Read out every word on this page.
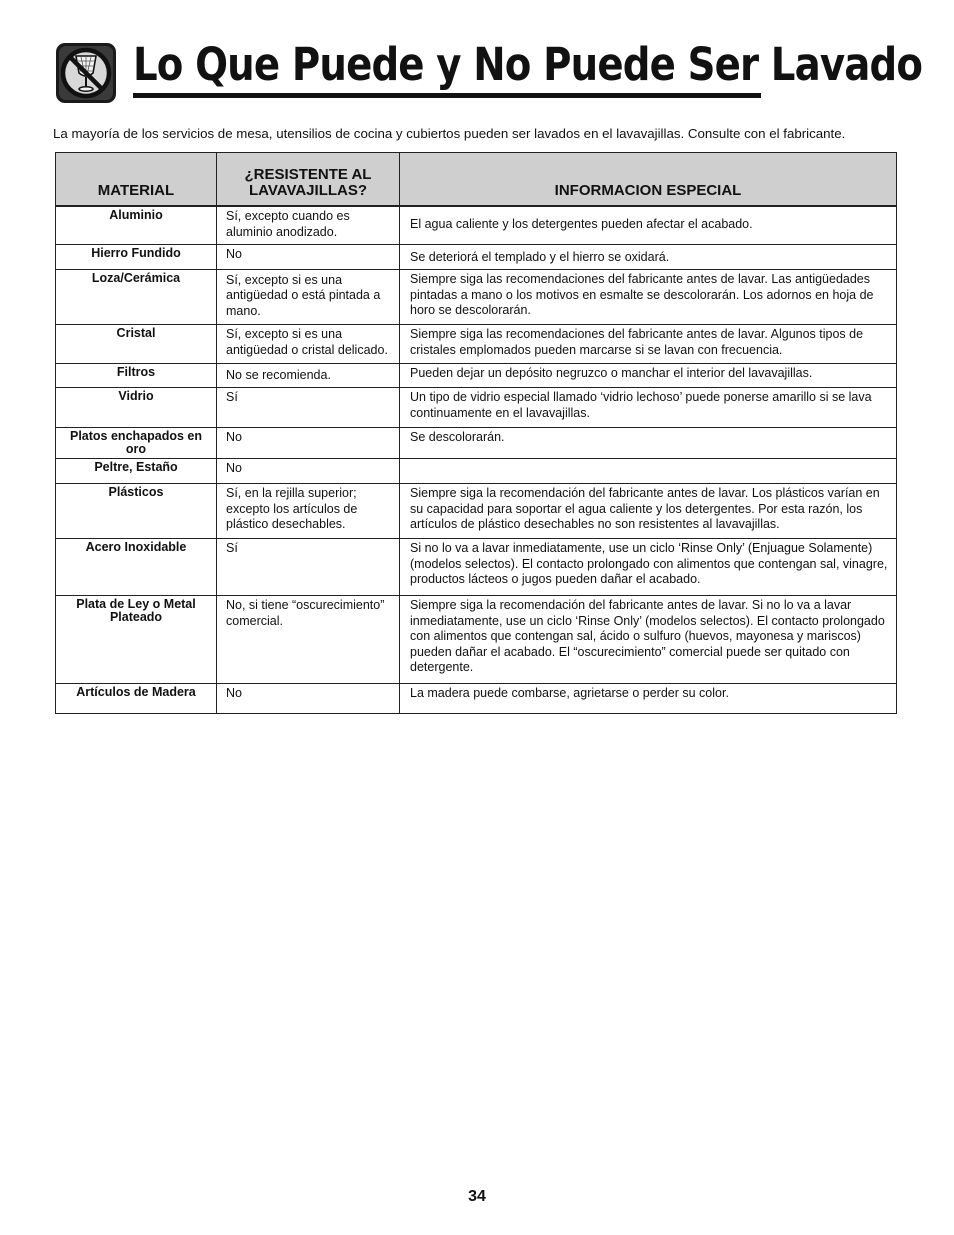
Lo Que Puede y No Puede Ser Lavado

La mayoría de los servicios de mesa, utensilios de cocina y cubiertos pueden ser lavados en el lavavajillas. Consulte con el fabricante.

MATERIAL	¿RESISTENTE AL LAVAVAJILLAS?	INFORMACION ESPECIAL
Aluminio	Sí, excepto cuando es aluminio anodizado.	El agua caliente y los detergentes pueden afectar el acabado.
Hierro Fundido	No	Se deteriorá el templado y el hierro se oxidará.
Loza/Cerámica	Sí, excepto si es una antigüedad o está pintada a mano.	Siempre siga las recomendaciones del fabricante antes de lavar. Las antigüedades pintadas a mano o los motivos en esmalte se descolorarán. Los adornos en hoja de horo se descolorarán.
Cristal	Sí, excepto si es una antigüedad o cristal delicado.	Siempre siga las recomendaciones del fabricante antes de lavar. Algunos tipos de cristales emplomados pueden marcarse si se lavan con frecuencia.
Filtros	No se recomienda.	Pueden dejar un depósito negruzco o manchar el interior del lavavajillas.
Vidrio	Sí	Un tipo de vidrio especial llamado ‘vidrio lechoso’ puede ponerse amarillo si se lava continuamente en el lavavajillas.
Platos enchapados en oro	No	Se descolorarán.
Peltre, Estaño	No	
Plásticos	Sí, en la rejilla superior; excepto los artículos de plástico desechables.	Siempre siga la recomendación del fabricante antes de lavar. Los plásticos varían en su capacidad para soportar el agua caliente y los detergentes. Por esta razón, los artículos de plástico desechables no son resistentes al lavavajillas.
Acero Inoxidable	Sí	Si no lo va a lavar inmediatamente, use un ciclo ‘Rinse Only’ (Enjuague Solamente) (modelos selectos). El contacto prolongado con alimentos que contengan sal, vinagre, productos lácteos o jugos pueden dañar el acabado.
Plata de Ley o Metal Plateado	No, si tiene “oscurecimiento” comercial.	Siempre siga la recomendación del fabricante antes de lavar. Si no lo va a lavar inmediatamente, use un ciclo ‘Rinse Only’ (modelos selectos). El contacto prolongado con alimentos que contengan sal, ácido o sulfuro (huevos, mayonesa y mariscos) pueden dañar el acabado. El “oscurecimiento” comercial puede ser quitado con detergente.
Artículos de Madera	No	La madera puede combarse, agrietarse o perder su color.

34
